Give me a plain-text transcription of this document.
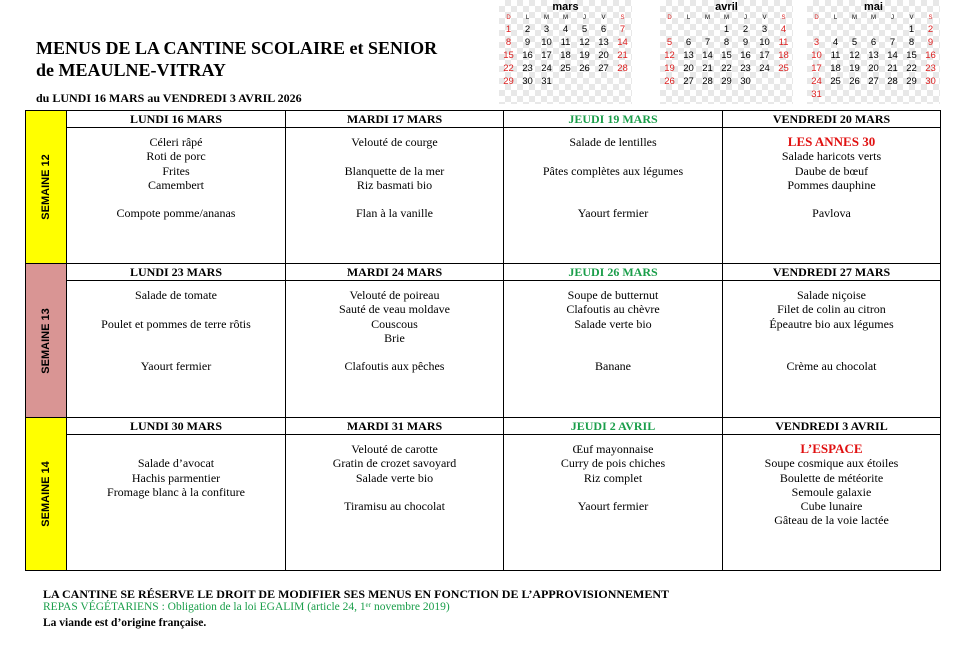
MENUS DE LA CANTINE SCOLAIRE et SENIOR
de MEAULNE-VITRAY
du LUNDI 16 MARS au VENDREDI 3 AVRIL 2026
mars
D	L	M	M	J	V	S
1	2	3	4	5	6	7
8	9	10	11	12	13	14
15	16	17	18	19	20	21
22	23	24	25	26	27	28
29	30	31				
avril
D	L	M	M	J	V	S
			1	2	3	4
5	6	7	8	9	10	11
12	13	14	15	16	17	18
19	20	21	22	23	24	25
26	27	28	29	30		
mai
D	L	M	M	J	V	S
					1	2
3	4	5	6	7	8	9
10	11	12	13	14	15	16
17	18	19	20	21	22	23
24	25	26	27	28	29	30
31						
SEMAINE 12
LUNDI 16 MARS
Céleri râpé
Roti de porc
Frites
Camembert
Compote pomme/ananas
MARDI 17 MARS
Velouté de courge
Blanquette de la mer
Riz basmati bio
Flan à la vanille
JEUDI 19 MARS
Salade de lentilles
Pâtes complètes aux légumes
Yaourt fermier
VENDREDI 20 MARS
LES ANNES 30
Salade haricots verts
Daube de bœuf
Pommes dauphine
Pavlova
SEMAINE 13
LUNDI 23 MARS
Salade de tomate
Poulet et pommes de terre rôtis
Yaourt fermier
MARDI 24 MARS
Velouté de poireau
Sauté de veau moldave
Couscous
Brie
Clafoutis aux pêches
JEUDI 26 MARS
Soupe de butternut
Clafoutis au chèvre
Salade verte bio
Banane
VENDREDI 27 MARS
Salade niçoise
Filet de colin au citron
Épeautre bio aux légumes
Crème au chocolat
SEMAINE 14
LUNDI 30 MARS
Salade d’avocat
Hachis parmentier
Fromage blanc à la confiture
MARDI 31 MARS
Velouté de carotte
Gratin de crozet savoyard
Salade verte bio
Tiramisu au chocolat
JEUDI 2 AVRIL
Œuf mayonnaise
Curry de pois chiches
Riz complet
Yaourt fermier
VENDREDI 3 AVRIL
L’ESPACE
Soupe cosmique aux étoiles
Boulette de météorite
Semoule galaxie
Cube lunaire
Gâteau de la voie lactée
LA CANTINE SE RÉSERVE LE DROIT DE MODIFIER SES MENUS EN FONCTION DE L’APPROVISIONNEMENT
REPAS VÉGÉTARIENS : Obligation de la loi EGALIM (article 24, 1ᵉʳ novembre 2019)
La viande est d’origine française.
